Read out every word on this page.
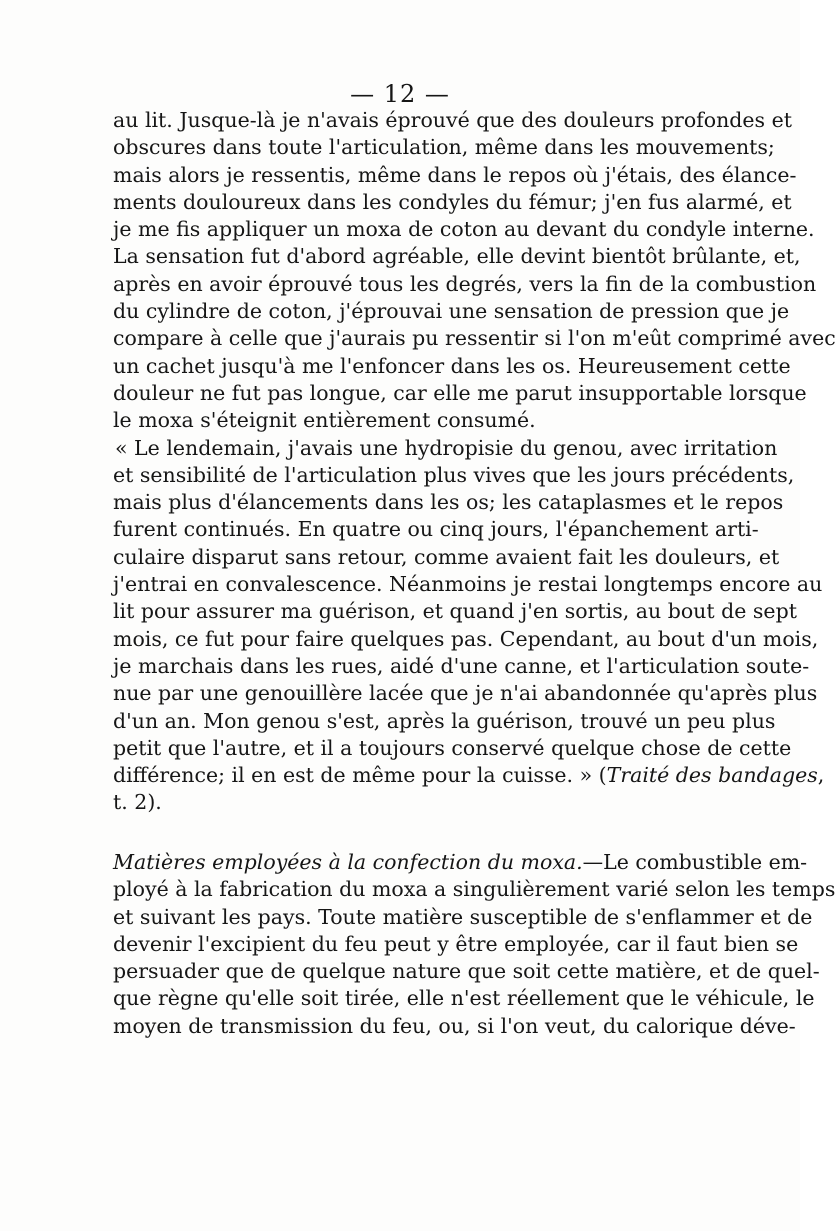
— 12 —
au lit. Jusque-là je n'avais éprouvé que des douleurs profondes et
obscures dans toute l'articulation, même dans les mouvements;
mais alors je ressentis, même dans le repos où j'étais, des élance-
ments douloureux dans les condyles du fémur; j'en fus alarmé, et
je me fis appliquer un moxa de coton au devant du condyle interne.
La sensation fut d'abord agréable, elle devint bientôt brûlante, et,
après en avoir éprouvé tous les degrés, vers la fin de la combustion
du cylindre de coton, j'éprouvai une sensation de pression que je
compare à celle que j'aurais pu ressentir si l'on m'eût comprimé avec
un cachet jusqu'à me l'enfoncer dans les os. Heureusement cette
douleur ne fut pas longue, car elle me parut insupportable lorsque
le moxa s'éteignit entièrement consumé.
« Le lendemain, j'avais une hydropisie du genou, avec irritation
et sensibilité de l'articulation plus vives que les jours précédents,
mais plus d'élancements dans les os; les cataplasmes et le repos
furent continués. En quatre ou cinq jours, l'épanchement arti-
culaire disparut sans retour, comme avaient fait les douleurs, et
j'entrai en convalescence. Néanmoins je restai longtemps encore au
lit pour assurer ma guérison, et quand j'en sortis, au bout de sept
mois, ce fut pour faire quelques pas. Cependant, au bout d'un mois,
je marchais dans les rues, aidé d'une canne, et l'articulation soute-
nue par une genouillère lacée que je n'ai abandonnée qu'après plus
d'un an. Mon genou s'est, après la guérison, trouvé un peu plus
petit que l'autre, et il a toujours conservé quelque chose de cette
différence; il en est de même pour la cuisse. » (Traité des bandages,
t. 2).
Matières employées à la confection du moxa.—Le combustible em-
ployé à la fabrication du moxa a singulièrement varié selon les temps
et suivant les pays. Toute matière susceptible de s'enflammer et de
devenir l'excipient du feu peut y être employée, car il faut bien se
persuader que de quelque nature que soit cette matière, et de quel-
que règne qu'elle soit tirée, elle n'est réellement que le véhicule, le
moyen de transmission du feu, ou, si l'on veut, du calorique déve-
